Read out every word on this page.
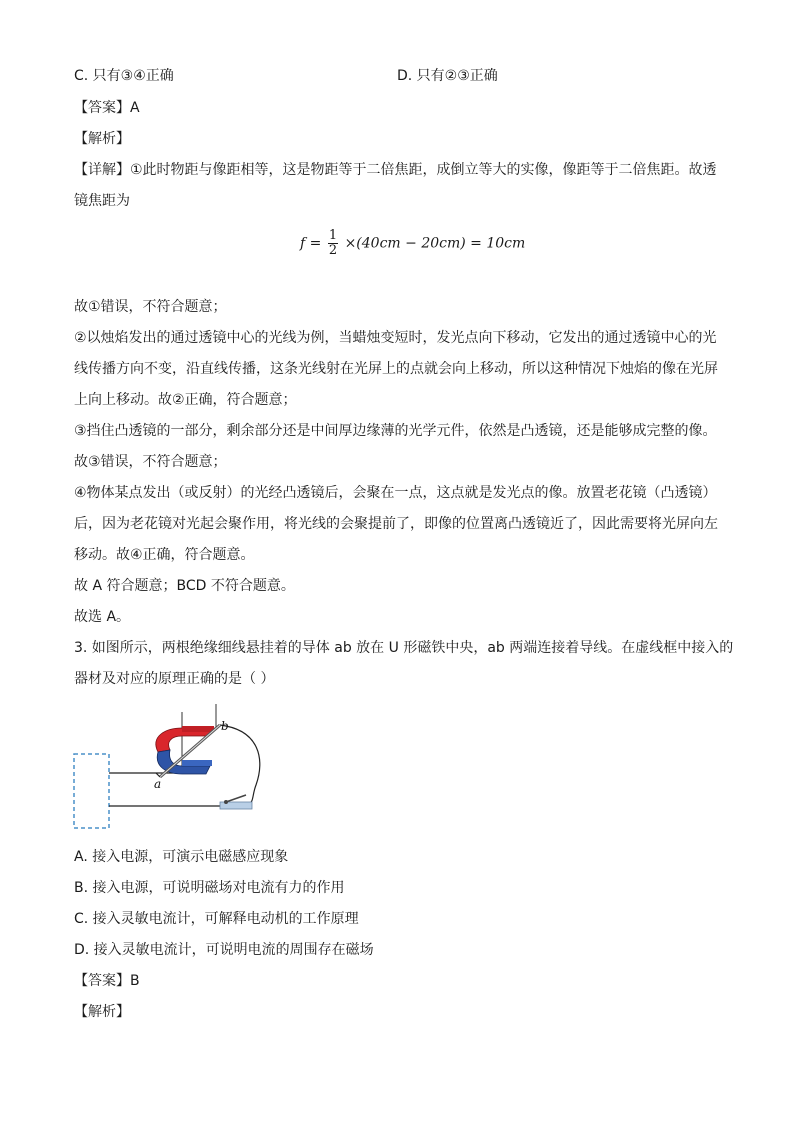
C. 只有③④正确	D. 只有②③正确
【答案】A
【解析】
【详解】①此时物距与像距相等，这是物距等于二倍焦距，成倒立等大的实像，像距等于二倍焦距。故透
镜焦距为
$f = \frac{1}{2} \times(40cm - 20cm) = 10cm$
故①错误，不符合题意；
②以烛焰发出的通过透镜中心的光线为例，当蜡烛变短时，发光点向下移动，它发出的通过透镜中心的光
线传播方向不变，沿直线传播，这条光线射在光屏上的点就会向上移动，所以这种情况下烛焰的像在光屏
上向上移动。故②正确，符合题意；
③挡住凸透镜的一部分，剩余部分还是中间厚边缘薄的光学元件，依然是凸透镜，还是能够成完整的像。
故③错误，不符合题意；
④物体某点发出（或反射）的光经凸透镜后，会聚在一点，这点就是发光点的像。放置老花镜（凸透镜）
后，因为老花镜对光起会聚作用，将光线的会聚提前了，即像的位置离凸透镜近了，因此需要将光屏向左
移动。故④正确，符合题意。
故 A 符合题意；BCD 不符合题意。
故选 A。
3. 如图所示，两根绝缘细线悬挂着的导体 ab 放在 U 形磁铁中央，ab 两端连接着导线。在虚线框中接入的
器材及对应的原理正确的是（ ）
a
b
A. 接入电源，可演示电磁感应现象
B. 接入电源，可说明磁场对电流有力的作用
C. 接入灵敏电流计，可解释电动机的工作原理
D. 接入灵敏电流计，可说明电流的周围存在磁场
【答案】B
【解析】
